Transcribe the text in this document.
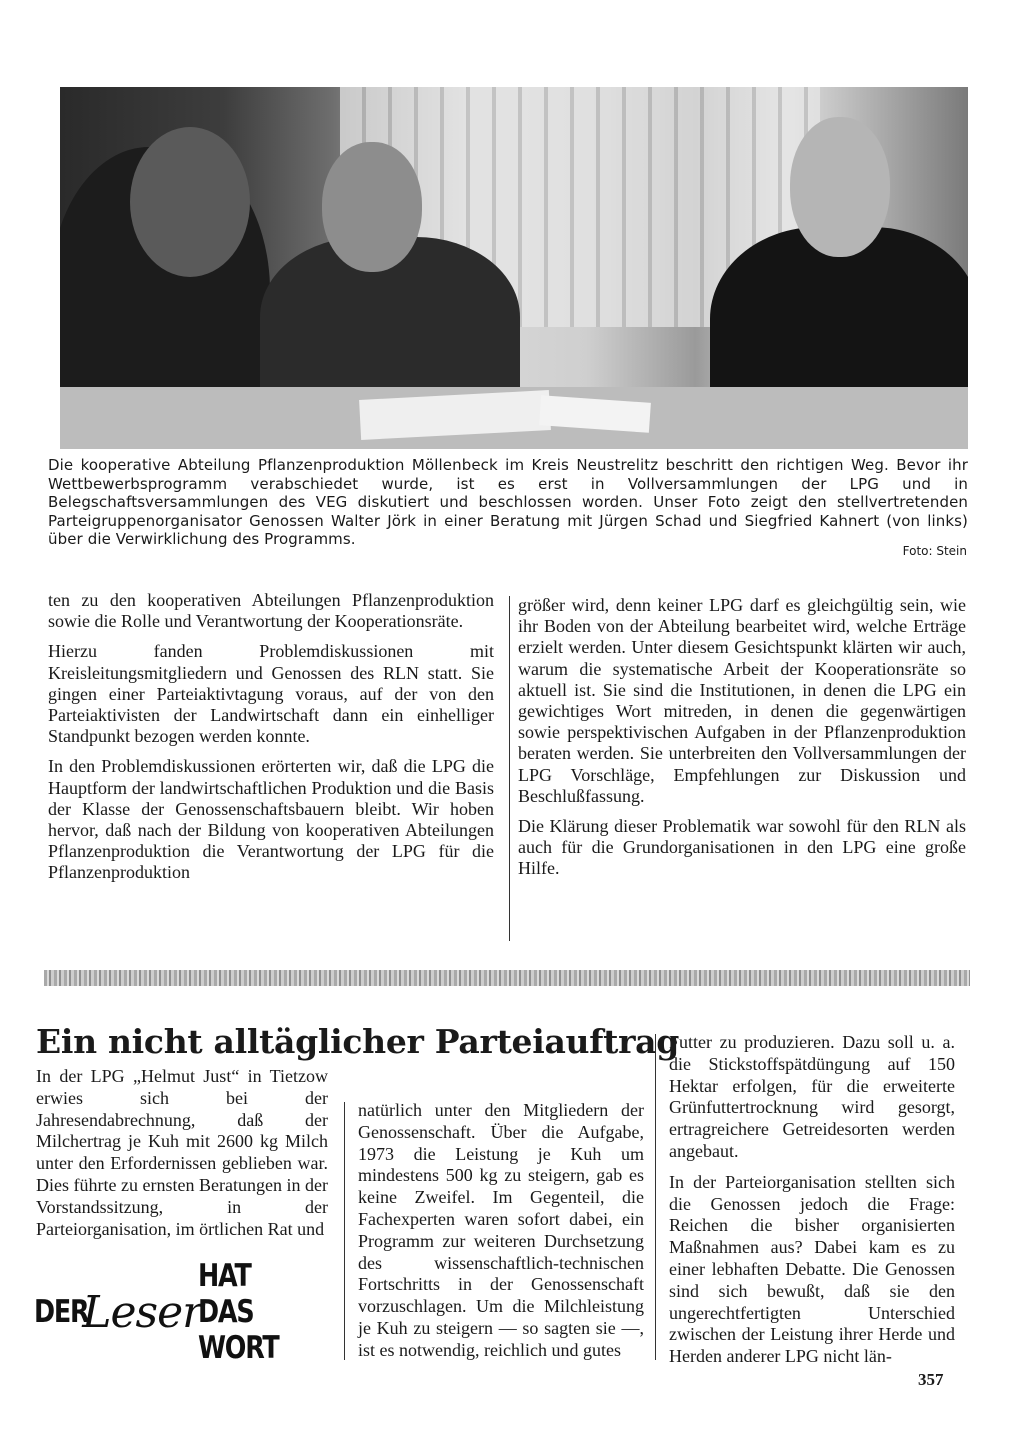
Die kooperative Abteilung Pflanzenproduktion Möllenbeck im Kreis Neustrelitz beschritt den richtigen Weg. Bevor ihr Wettbewerbsprogramm verabschiedet wurde, ist es erst in Vollversammlungen der LPG und in Belegschaftsversammlungen des VEG diskutiert und beschlossen worden. Unser Foto zeigt den stellvertretenden Parteigruppenorganisator Genossen Walter Jörk in einer Beratung mit Jürgen Schad und Siegfried Kahnert (von links) über die Verwirklichung des Programms.
Foto: Stein

ten zu den kooperativen Abteilungen Pflanzenproduktion sowie die Rolle und Verantwortung der Kooperationsräte.

Hierzu fanden Problemdiskussionen mit Kreisleitungsmitgliedern und Genossen des RLN statt. Sie gingen einer Parteiaktivtagung voraus, auf der von den Parteiaktivisten der Landwirtschaft dann ein einhelliger Standpunkt bezogen werden konnte.

In den Problemdiskussionen erörterten wir, daß die LPG die Hauptform der landwirtschaftlichen Produktion und die Basis der Klasse der Genossenschaftsbauern bleibt. Wir hoben hervor, daß nach der Bildung von kooperativen Abteilungen Pflanzenproduktion die Verantwortung der LPG für die Pflanzenproduktion

größer wird, denn keiner LPG darf es gleichgültig sein, wie ihr Boden von der Abteilung bearbeitet wird, welche Erträge erzielt werden. Unter diesem Gesichtspunkt klärten wir auch, warum die systematische Arbeit der Kooperationsräte so aktuell ist. Sie sind die Institutionen, in denen die LPG ein gewichtiges Wort mitreden, in denen die gegenwärtigen sowie perspektivischen Aufgaben in der Pflanzenproduktion beraten werden. Sie unterbreiten den Vollversammlungen der LPG Vorschläge, Empfehlungen zur Diskussion und Beschlußfassung.

Die Klärung dieser Problematik war sowohl für den RLN als auch für die Grundorganisationen in den LPG eine große Hilfe.

Ein nicht alltäglicher Parteiauftrag

In der LPG „Helmut Just“ in Tietzow erwies sich bei der Jahresendabrechnung, daß der Milchertrag je Kuh mit 2600 kg Milch unter den Erfordernissen geblieben war. Dies führte zu ernsten Beratungen in der Vorstandssitzung, in der Parteiorganisation, im örtlichen Rat und

natürlich unter den Mitgliedern der Genossenschaft. Über die Aufgabe, 1973 die Leistung je Kuh um mindestens 500 kg zu steigern, gab es keine Zweifel. Im Gegenteil, die Fachexperten waren sofort dabei, ein Programm zur weiteren Durchsetzung des wissenschaftlich-technischen Fortschritts in der Genossenschaft vorzuschlagen. Um die Milchleistung je Kuh zu steigern — so sagten sie —, ist es notwendig, reichlich und gutes

Futter zu produzieren. Dazu soll u. a. die Stickstoffspätdüngung auf 150 Hektar erfolgen, für die erweiterte Grünfuttertrocknung wird gesorgt, ertragreichere Getreidesorten werden angebaut.

In der Parteiorganisation stellten sich die Genossen jedoch die Frage: Reichen die bisher organisierten Maßnahmen aus? Dabei kam es zu einer lebhaften Debatte. Die Genossen sind sich bewußt, daß sie den ungerechtfertigten Unterschied zwischen der Leistung ihrer Herde und Herden anderer LPG nicht län-

DER
Leser
HAT DAS WORT
357
